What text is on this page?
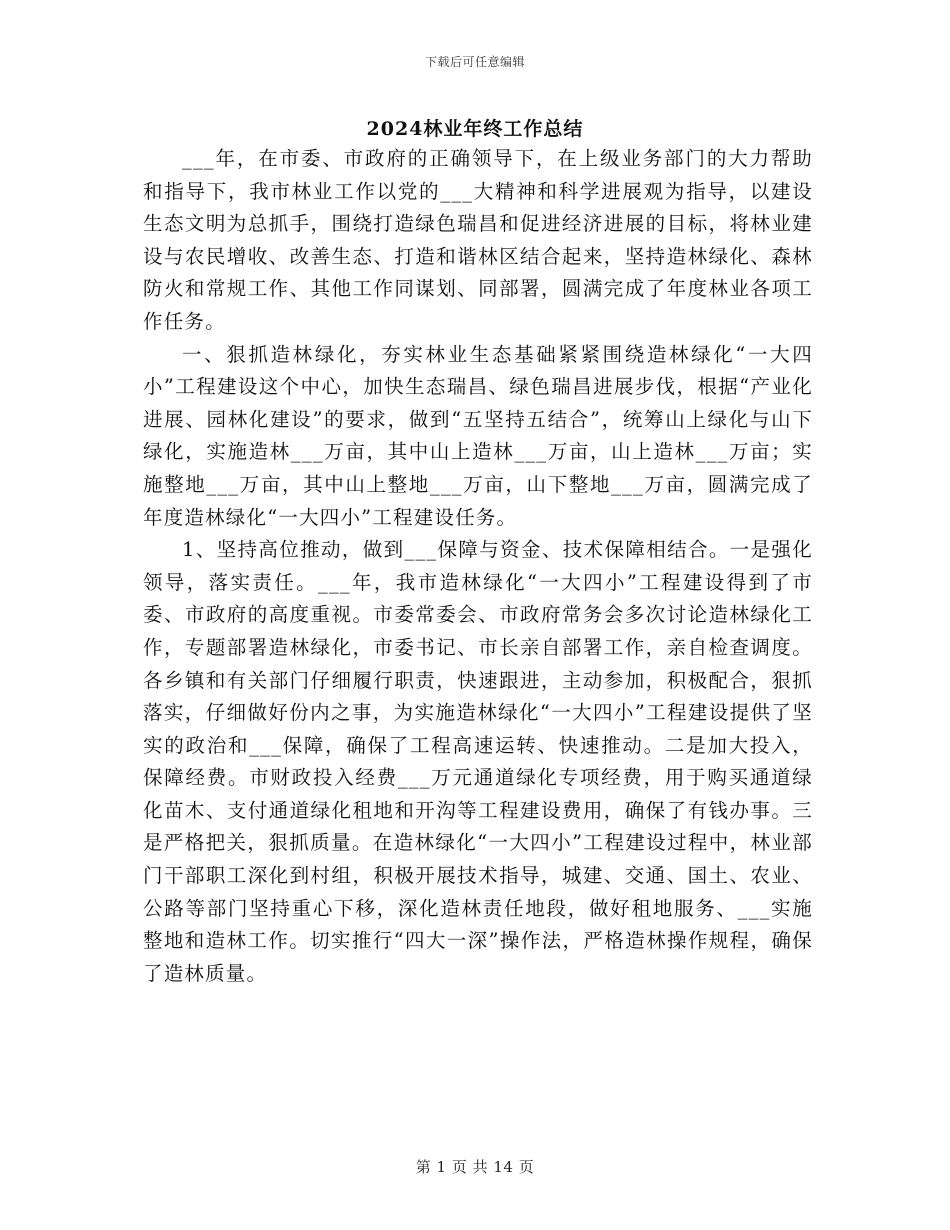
下载后可任意编辑
2024林业年终工作总结

___年，在市委、市政府的正确领导下，在上级业务部门的大力帮助和指导下，我市林业工作以党的___大精神和科学进展观为指导，以建设生态文明为总抓手，围绕打造绿色瑞昌和促进经济进展的目标，将林业建设与农民增收、改善生态、打造和谐林区结合起来，坚持造林绿化、森林防火和常规工作、其他工作同谋划、同部署，圆满完成了年度林业各项工作任务。

一、狠抓造林绿化，夯实林业生态基础紧紧围绕造林绿化“一大四小”工程建设这个中心，加快生态瑞昌、绿色瑞昌进展步伐，根据“产业化进展、园林化建设”的要求，做到“五坚持五结合”，统筹山上绿化与山下绿化，实施造林___万亩，其中山上造林___万亩，山上造林___万亩；实施整地___万亩，其中山上整地___万亩，山下整地___万亩，圆满完成了年度造林绿化“一大四小”工程建设任务。

1、坚持高位推动，做到___保障与资金、技术保障相结合。一是强化领导，落实责任。___年，我市造林绿化“一大四小”工程建设得到了市委、市政府的高度重视。市委常委会、市政府常务会多次讨论造林绿化工作，专题部署造林绿化，市委书记、市长亲自部署工作，亲自检查调度。各乡镇和有关部门仔细履行职责，快速跟进，主动参加，积极配合，狠抓落实，仔细做好份内之事，为实施造林绿化“一大四小”工程建设提供了坚实的政治和___保障，确保了工程高速运转、快速推动。二是加大投入，保障经费。市财政投入经费___万元通道绿化专项经费，用于购买通道绿化苗木、支付通道绿化租地和开沟等工程建设费用，确保了有钱办事。三是严格把关，狠抓质量。在造林绿化“一大四小”工程建设过程中，林业部门干部职工深化到村组，积极开展技术指导，城建、交通、国土、农业、公路等部门坚持重心下移，深化造林责任地段，做好租地服务、___实施整地和造林工作。切实推行“四大一深”操作法，严格造林操作规程，确保了造林质量。

第 1 页 共 14 页
